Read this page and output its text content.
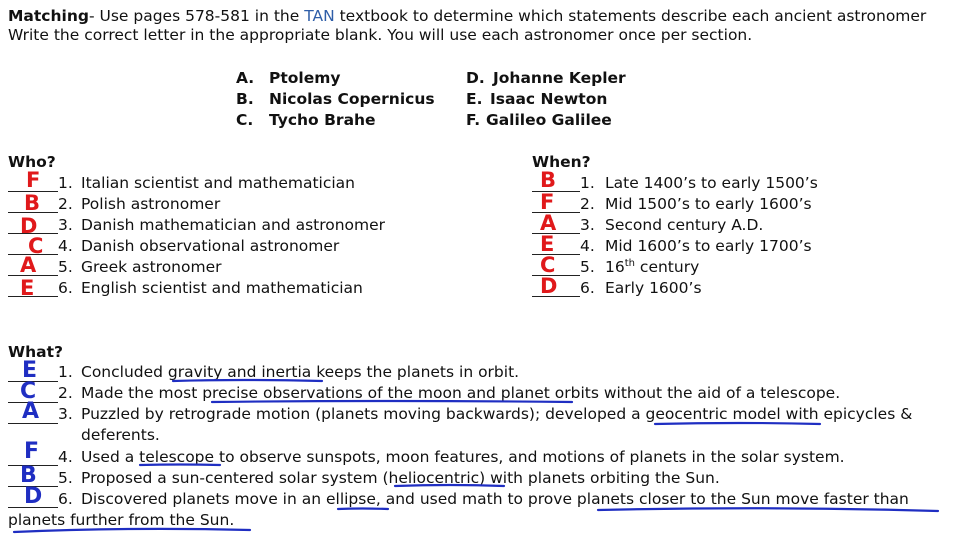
Matching- Use pages 578-581 in the TAN textbook to determine which statements describe each ancient astronomer
Write the correct letter in the appropriate blank. You will use each astronomer once per section.
A. Ptolemy
B. Nicolas Copernicus
C. Tycho Brahe
D. Johanne Kepler
E. Isaac Newton
F. Galileo Galilee
Who?
F 1. Italian scientist and mathematician
B 2. Polish astronomer
D 3. Danish mathematician and astronomer
C 4. Danish observational astronomer
A 5. Greek astronomer
E 6. English scientist and mathematician
When?
B 1. Late 1400’s to early 1500’s
F 2. Mid 1500’s to early 1600’s
A 3. Second century A.D.
E 4. Mid 1600’s to early 1700’s
C 5. 16th century
D 6. Early 1600’s
What?
E 1. Concluded gravity and inertia keeps the planets in orbit.
C 2. Made the most precise observations of the moon and planet orbits without the aid of a telescope.
A 3. Puzzled by retrograde motion (planets moving backwards); developed a geocentric model with epicycles &
deferents.
F 4. Used a telescope to observe sunspots, moon features, and motions of planets in the solar system.
B 5. Proposed a sun-centered solar system (heliocentric) with planets orbiting the Sun.
D 6. Discovered planets move in an ellipse, and used math to prove planets closer to the Sun move faster than
planets further from the Sun.
